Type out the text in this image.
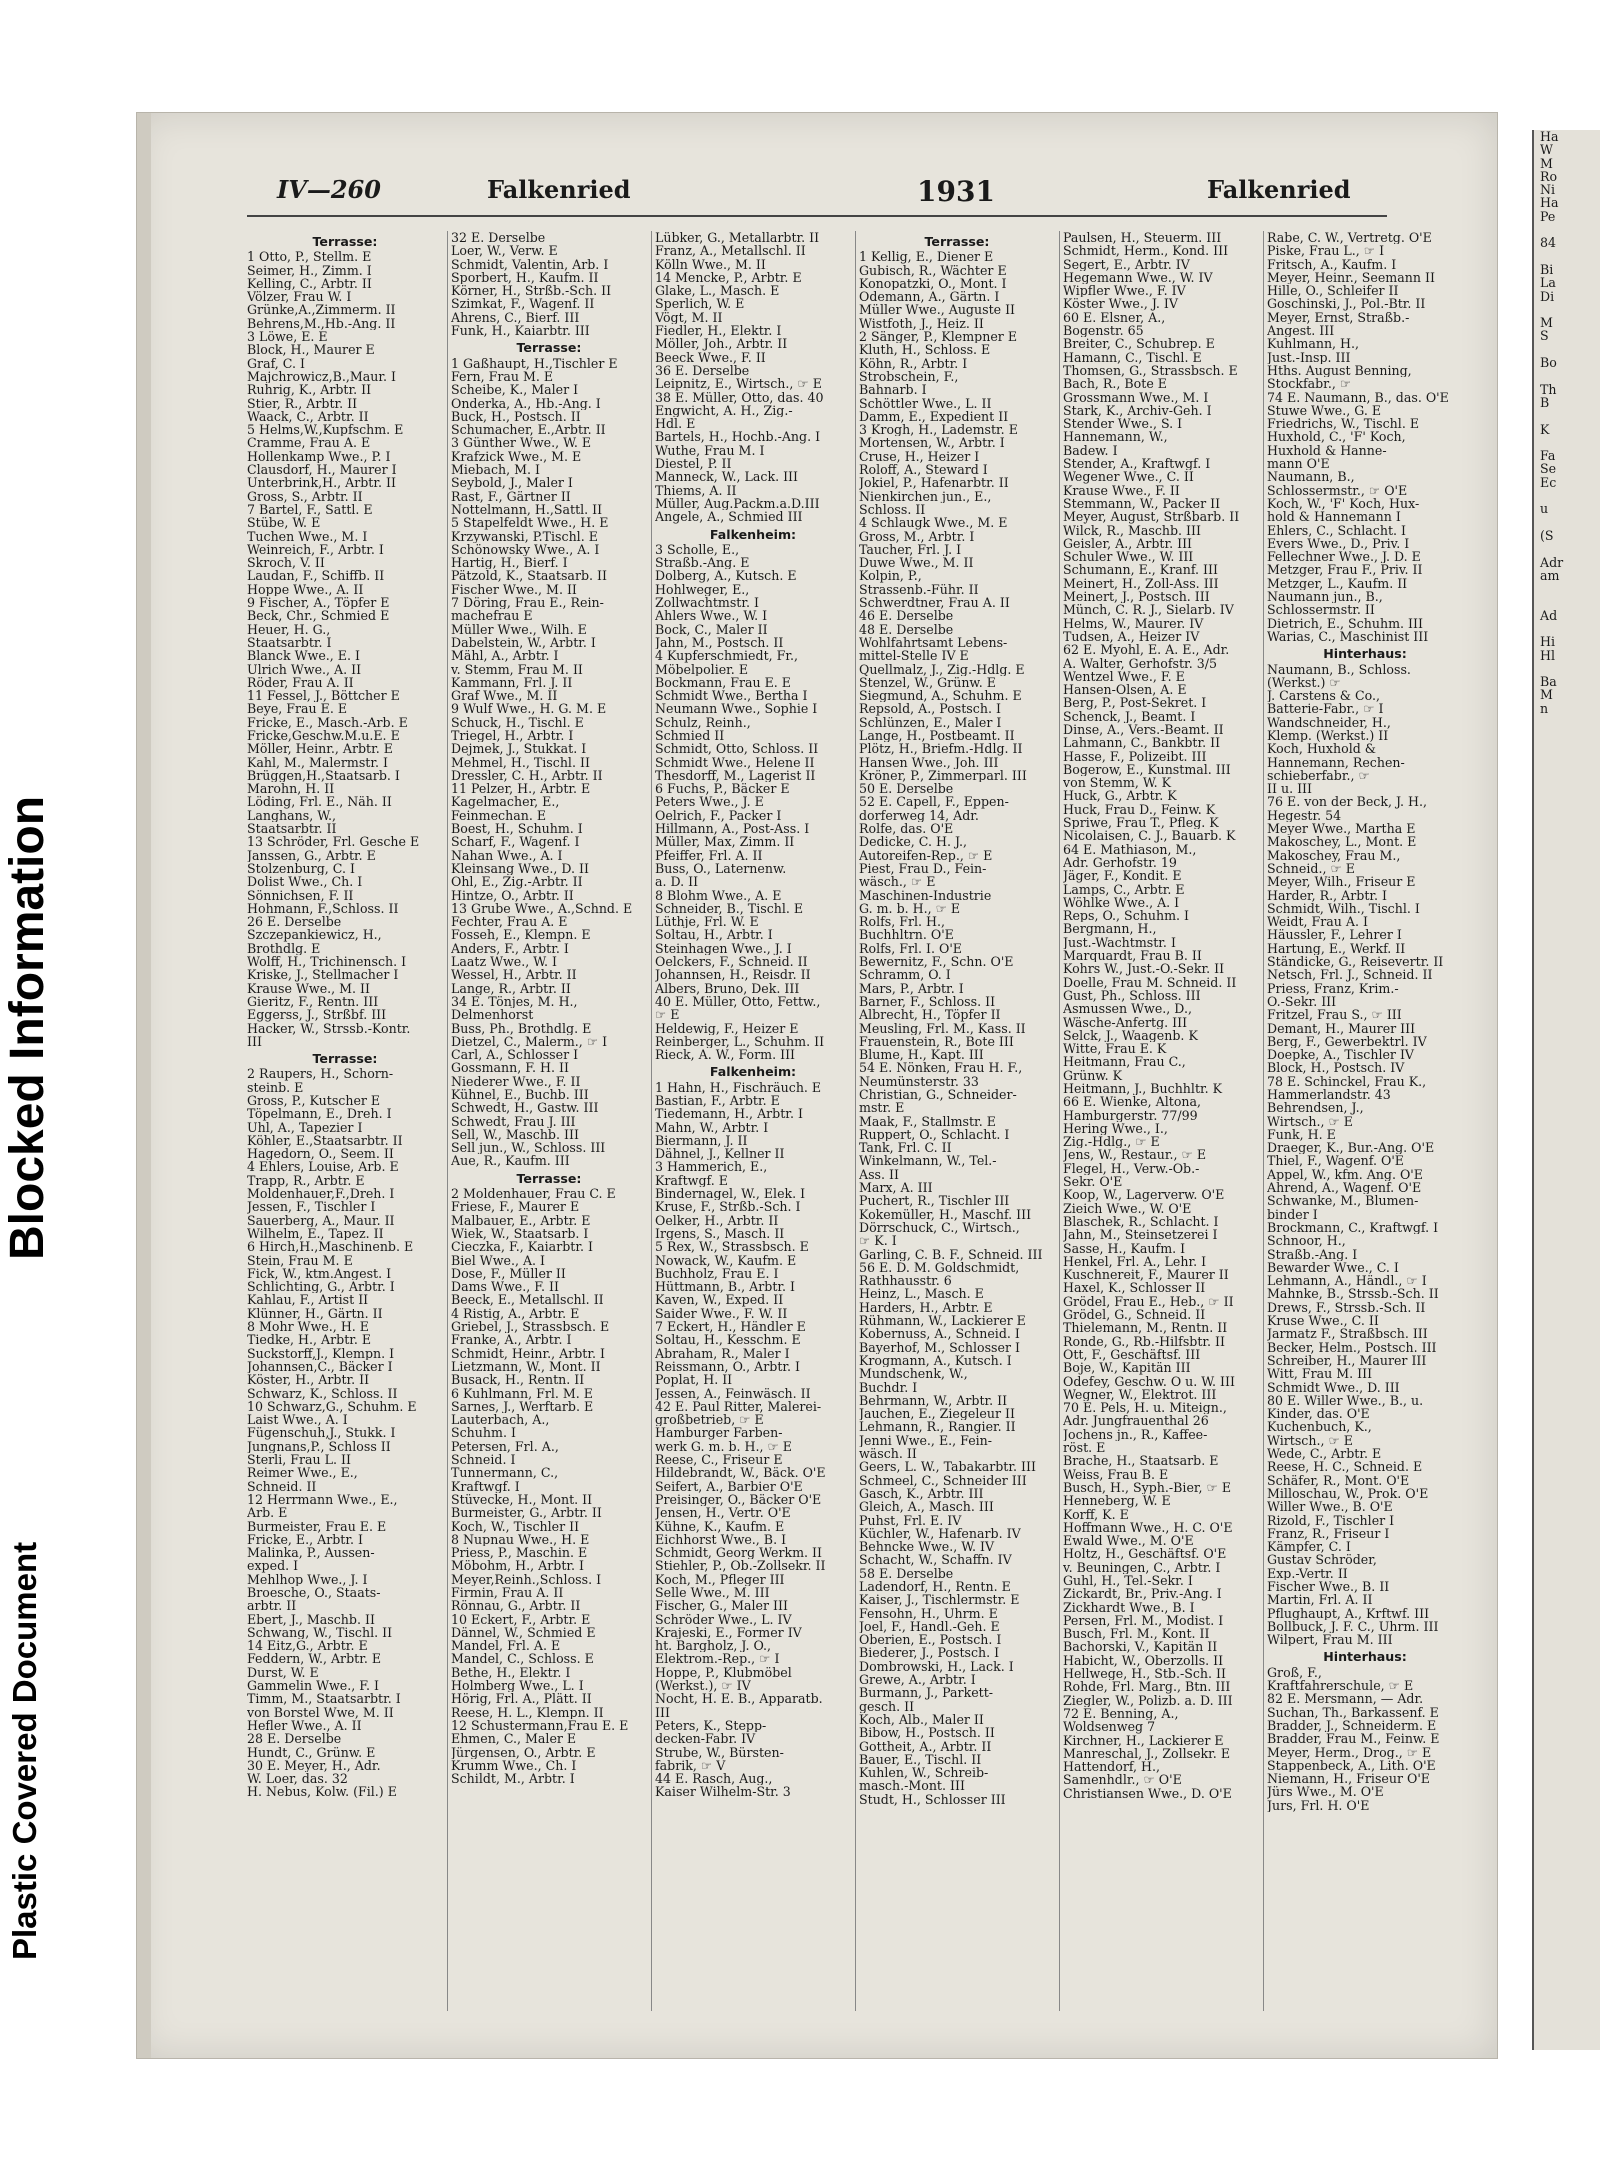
Blocked Information
Plastic Covered Document
IV—260	Falkenried	1931	Falkenried
Terrasse:
1 Otto, P., Stellm. E
Seimer, H., Zimm. I
Kelling, C., Arbtr. II
Völzer, Frau W. I
Grünke,A.,Zimmerm. II
Behrens,M.,Hb.-Ang. II
3 Löwe, E. E
Block, H., Maurer E
Graf, C. I
Majchrowicz,B.,Maur. I
Ruhrig, K., Arbtr. II
Stier, R., Arbtr. II
Waack, C., Arbtr. II
5 Helms,W.,Kupfschm. E
Cramme, Frau A. E
Hollenkamp Wwe., P. I
Clausdorf, H., Maurer I
Unterbrink,H., Arbtr. II
Gross, S., Arbtr. II
7 Bartel, F., Sattl. E
Stübe, W. E
Tuchen Wwe., M. I
Weinreich, F., Arbtr. I
Skroch, V. II
Laudan, F., Schiffb. II
Hoppe Wwe., A. II
9 Fischer, A., Töpfer E
Beck, Chr., Schmied E
Heuer, H. G.,
Staatsarbtr. I
Blanck Wwe., E. I
Ulrich Wwe., A. II
Röder, Frau A. II
11 Fessel, J., Böttcher E
Beye, Frau E. E
Fricke, E., Masch.-Arb. E
Fricke,Geschw.M.u.E. E
Möller, Heinr., Arbtr. E
Kahl, M., Malermstr. I
Brüggen,H.,Staatsarb. I
Marohn, H. II
Löding, Frl. E., Näh. II
Langhans, W.,
Staatsarbtr. II
13 Schröder, Frl. Gesche E
Janssen, G., Arbtr. E
Stolzenburg, C. I
Dolist Wwe., Ch. I
Sönnichsen, F. II
Hohmann, F.,Schloss. II
26 E. Derselbe
Szczepankiewicz, H.,
Brothdlg. E
Wolff, H., Trichinensch. I
Kriske, J., Stellmacher I
Krause Wwe., M. II
Gieritz, F., Rentn. III
Eggerss, J., Strßbf. III
Hacker, W., Strssb.-Kontr.
III
Terrasse:
2 Raupers, H., Schorn-
steinb. E
Gross, P., Kutscher E
Töpelmann, E., Dreh. I
Uhl, A., Tapezier I
Köhler, E.,Staatsarbtr. II
Hagedorn, O., Seem. II
4 Ehlers, Louise, Arb. E
Trapp, R., Arbtr. E
Moldenhauer,F.,Dreh. I
Jessen, F., Tischler I
Sauerberg, A., Maur. II
Wilhelm, E., Tapez. II
6 Hirch,H.,Maschinenb. E
Stein, Frau M. E
Fick, W., ktm.Angest. I
Schlichting, G., Arbtr. I
Kahlau, F., Artist II
Klünner, H., Gärtn. II
8 Mohr Wwe., H. E
Tiedke, H., Arbtr. E
Suckstorff,J., Klempn. I
Johannsen,C., Bäcker I
Köster, H., Arbtr. II
Schwarz, K., Schloss. II
10 Schwarz,G., Schuhm. E
Laist Wwe., A. I
Fügenschuh,J., Stukk. I
Jungnans,P., Schloss II
Sterli, Frau L. II
Reimer Wwe., E.,
Schneid. II
12 Herrmann Wwe., E.,
Arb. E
Burmeister, Frau E. E
Fricke, E., Arbtr. I
Malinka, P., Aussen-
exped. I
Mehlhop Wwe., J. I
Broesche, O., Staats-
arbtr. II
Ebert, J., Maschb. II
Schwang, W., Tischl. II
14 Eitz,G., Arbtr. E
Feddern, W., Arbtr. E
Durst, W. E
Gammelin Wwe., F. I
Timm, M., Staatsarbtr. I
von Borstel Wwe, M. II
Hefler Wwe., A. II
28 E. Derselbe
Hundt, C., Grünw. E
30 E. Meyer, H., Adr.
W. Loer, das. 32
H. Nebus, Kolw. (Fil.) E
32 E. Derselbe
Loer, W., Verw. E
Schmidt, Valentin, Arb. I
Sporbert, H., Kaufm. II
Körner, H., Strßb.-Sch. II
Szimkat, F., Wagenf. II
Ahrens, C., Bierf. III
Funk, H., Kaiarbtr. III
Terrasse:
1 Gaßhaupt, H.,Tischler E
Fern, Frau M. E
Scheibe, K., Maler I
Onderka, A., Hb.-Ang. I
Buck, H., Postsch. II
Schumacher, E.,Arbtr. II
3 Günther Wwe., W. E
Krafzick Wwe., M. E
Miebach, M. I
Seybold, J., Maler I
Rast, F., Gärtner II
Nottelmann, H.,Sattl. II
5 Stapelfeldt Wwe., H. E
Krzywanski, P.Tischl. E
Schönowsky Wwe., A. I
Hartig, H., Bierf. I
Pätzold, K., Staatsarb. II
Fischer Wwe., M. II
7 Döring, Frau E., Rein-
machefrau E
Müller Wwe., Wilh. E
Dabelstein, W., Arbtr. I
Mähl, A., Arbtr. I
v. Stemm, Frau M. II
Kammann, Frl. J. II
Graf Wwe., M. II
9 Wulf Wwe., H. G. M. E
Schuck, H., Tischl. E
Triegel, H., Arbtr. I
Dejmek, J., Stukkat. I
Mehmel, H., Tischl. II
Dressler, C. H., Arbtr. II
11 Pelzer, H., Arbtr. E
Kagelmacher, E.,
Feinmechan. E
Boest, H., Schuhm. I
Scharf, F., Wagenf. I
Nahan Wwe., A. I
Kleinsang Wwe., D. II
Ohl, E., Zig.-Arbtr. II
Hintze, O., Arbtr. II
13 Grube Wwe., A.,Schnd. E
Fechter, Frau A. E
Fosseh, E., Klempn. E
Anders, F., Arbtr. I
Laatz Wwe., W. I
Wessel, H., Arbtr. II
Lange, R., Arbtr. II
34 E. Tönjes, M. H.,
Delmenhorst
Buss, Ph., Brothdlg. E
Dietzel, C., Malerm., ☞ I
Carl, A., Schlosser I
Gossmann, F. H. II
Niederer Wwe., F. II
Kühnel, E., Buchb. III
Schwedt, H., Gastw. III
Schwedt, Frau J. III
Sell, W., Maschb. III
Sell jun., W., Schloss. III
Aue, R., Kaufm. III
Terrasse:
2 Moldenhauer, Frau C. E
Friese, F., Maurer E
Malbauer, E., Arbtr. E
Wiek, W., Staatsarb. I
Cieczka, F., Kaiarbtr. I
Biel Wwe., A. I
Dose, F., Müller II
Dams Wwe., F. II
Beeck, E., Metallschl. II
4 Ristig, A., Arbtr. E
Griebel, J., Strassbsch. E
Franke, A., Arbtr. I
Schmidt, Heinr., Arbtr. I
Lietzmann, W., Mont. II
Busack, H., Rentn. II
6 Kuhlmann, Frl. M. E
Sarnes, J., Werftarb. E
Lauterbach, A.,
Schuhm. I
Petersen, Frl. A.,
Schneid. I
Tunnermann, C.,
Kraftwgf. I
Stüvecke, H., Mont. II
Burmeister, G., Arbtr. II
Koch, W., Tischler II
8 Nupnau Wwe., H. E
Priess, P., Maschin. E
Möbohm, H., Arbtr. I
Meyer,Reinh.,Schloss. I
Firmin, Frau A. II
Rönnau, G., Arbtr. II
10 Eckert, F., Arbtr. E
Dännel, W., Schmied E
Mandel, Frl. A. E
Mandel, C., Schloss. E
Bethe, H., Elektr. I
Holmberg Wwe., L. I
Hörig, Frl. A., Plätt. II
Reese, H. L., Klempn. II
12 Schustermann,Frau E. E
Ehmen, C., Maler E
Jürgensen, O., Arbtr. E
Krumm Wwe., Ch. I
Schildt, M., Arbtr. I
Lübker, G., Metallarbtr. II
Franz, A., Metallschl. II
Kölln Wwe., M. II
14 Mencke, P., Arbtr. E
Glake, L., Masch. E
Sperlich, W. E
Vögt, M. II
Fiedler, H., Elektr. I
Möller, Joh., Arbtr. II
Beeck Wwe., F. II
36 E. Derselbe
Leipnitz, E., Wirtsch., ☞ E
38 E. Müller, Otto, das. 40
Engwicht, A. H., Zig.-
Hdl. E
Bartels, H., Hochb.-Ang. I
Wuthe, Frau M. I
Diestel, P. II
Manneck, W., Lack. III
Thiems, A. II
Müller, Aug.Packm.a.D.III
Angele, A., Schmied III
Falkenheim:
3 Scholle, E.,
Straßb.-Ang. E
Dolberg, A., Kutsch. E
Hohlweger, E.,
Zollwachtmstr. I
Ahlers Wwe., W. I
Bock, C., Maler II
Jahn, M., Postsch. II
4 Kupferschmiedt, Fr.,
Möbelpolier. E
Bockmann, Frau E. E
Schmidt Wwe., Bertha I
Neumann Wwe., Sophie I
Schulz, Reinh.,
Schmied II
Schmidt, Otto, Schloss. II
Schmidt Wwe., Helene II
Thesdorff, M., Lagerist II
6 Fuchs, P., Bäcker E
Peters Wwe., J. E
Oelrich, F., Packer I
Hillmann, A., Post-Ass. I
Müller, Max, Zimm. II
Pfeiffer, Frl. A. II
Buss, O., Laternenw.
a. D. II
8 Blohm Wwe., A. E
Schneider, B., Tischl. E
Lüthje, Frl. W. E
Soltau, H., Arbtr. I
Steinhagen Wwe., J. I
Oelckers, F., Schneid. II
Johannsen, H., Reisdr. II
Albers, Bruno, Dek. III
40 E. Müller, Otto, Fettw.,
☞ E
Heldewig, F., Heizer E
Reinberger, L., Schuhm. II
Rieck, A. W., Form. III
Falkenheim:
1 Hahn, H., Fischräuch. E
Bastian, F., Arbtr. E
Tiedemann, H., Arbtr. I
Mahn, W., Arbtr. I
Biermann, J. II
Dähnel, J., Kellner II
3 Hammerich, E.,
Kraftwgf. E
Bindernagel, W., Elek. I
Kruse, F., Strßb.-Sch. I
Oelker, H., Arbtr. II
Irgens, S., Masch. II
5 Rex, W., Strassbsch. E
Nowack, W., Kaufm. E
Buchholz, Frau E. I
Hüttmann, B., Arbtr. I
Kaven, W., Exped. II
Saider Wwe., F. W. II
7 Eckert, H., Händler E
Soltau, H., Kesschm. E
Abraham, R., Maler I
Reissmann, O., Arbtr. I
Poplat, H. II
Jessen, A., Feinwäsch. II
42 E. Paul Ritter, Malerei-
großbetrieb, ☞ E
Hamburger Farben-
werk G. m. b. H., ☞ E
Reese, C., Friseur E
Hildebrandt, W., Bäck. O'E
Seifert, A., Barbier O'E
Preisinger, O., Bäcker O'E
Jensen, H., Vertr. O'E
Kühne, K., Kaufm. E
Eichhorst Wwe., B. I
Schmidt, Georg Werkm. II
Stiehler, P., Ob.-Zollsekr. II
Koch, M., Pfleger III
Selle Wwe., M. III
Fischer, G., Maler III
Schröder Wwe., L. IV
Krajeski, E., Former IV
ht. Bargholz, J. O.,
Elektrom.-Rep., ☞ I
Hoppe, P., Klubmöbel
(Werkst.), ☞ IV
Nocht, H. E. B., Apparatb.
III
Peters, K., Stepp-
decken-Fabr. IV
Strube, W., Bürsten-
fabrik, ☞ V
44 E. Rasch, Aug.,
Kaiser Wilhelm-Str. 3
Terrasse:
1 Kellig, E., Diener E
Gubisch, R., Wächter E
Konopatzki, O., Mont. I
Odemann, A., Gärtn. I
Müller Wwe., Auguste II
Wistfoth, J., Heiz. II
2 Sänger, P., Klempner E
Kluth, H., Schloss. E
Köhn, R., Arbtr. I
Strobschein, F.,
Bahnarb. I
Schöttler Wwe., L. II
Damm, E., Expedient II
3 Krogh, H., Lademstr. E
Mortensen, W., Arbtr. I
Cruse, H., Heizer I
Roloff, A., Steward I
Jokiel, P., Hafenarbtr. II
Nienkirchen jun., E.,
Schloss. II
4 Schlaugk Wwe., M. E
Gross, M., Arbtr. I
Taucher, Frl. J. I
Duwe Wwe., M. II
Kolpin, P.,
Strassenb.-Führ. II
Schwerdtner, Frau A. II
46 E. Derselbe
48 E. Derselbe
Wohlfahrtsamt Lebens-
mittel-Stelle IV E
Quellmalz, J., Zig.-Hdlg. E
Stenzel, W., Grünw. E
Siegmund, A., Schuhm. E
Repsold, A., Postsch. I
Schlünzen, E., Maler I
Lange, H., Postbeamt. II
Plötz, H., Briefm.-Hdlg. II
Hansen Wwe., Joh. III
Kröner, P., Zimmerparl. III
50 E. Derselbe
52 E. Capell, F., Eppen-
dorferweg 14, Adr.
Rolfe, das. O'E
Dedicke, C. H. J.,
Autoreifen-Rep., ☞ E
Piest, Frau D., Fein-
wäsch., ☞ E
Maschinen-Industrie
G. m. b. H., ☞ E
Rolfs, Frl. H.,
Buchhltrn. O'E
Rolfs, Frl. I. O'E
Bewernitz, F., Schn. O'E
Schramm, O. I
Mars, P., Arbtr. I
Barner, F., Schloss. II
Albrecht, H., Töpfer II
Meusling, Frl. M., Kass. II
Frauenstein, R., Bote III
Blume, H., Kapt. III
54 E. Nönken, Frau H. F.,
Neumünsterstr. 33
Christian, G., Schneider-
mstr. E
Maak, F., Stallmstr. E
Ruppert, O., Schlacht. I
Tank, Frl. C. II
Winkelmann, W., Tel.-
Ass. II
Marx, A. III
Puchert, R., Tischler III
Kokemüller, H., Maschf. III
Dörrschuck, C., Wirtsch.,
☞ K. I
Garling, C. B. F., Schneid. III
56 E. D. M. Goldschmidt,
Rathhausstr. 6
Heinz, L., Masch. E
Harders, H., Arbtr. E
Rühmann, W., Lackierer E
Kobernuss, A., Schneid. I
Bayerhof, M., Schlosser I
Krogmann, A., Kutsch. I
Mundschenk, W.,
Buchdr. I
Behrmann, W., Arbtr. II
Jauchen, E., Ziegeleur II
Lehmann, R., Rangier. II
Jenni Wwe., E., Fein-
wäsch. II
Geers, L. W., Tabakarbtr. III
Schmeel, C., Schneider III
Gasch, K., Arbtr. III
Gleich, A., Masch. III
Puhst, Frl. E. IV
Küchler, W., Hafenarb. IV
Behncke Wwe., W. IV
Schacht, W., Schaffn. IV
58 E. Derselbe
Ladendorf, H., Rentn. E
Kaiser, J., Tischlermstr. E
Fensohn, H., Uhrm. E
Joel, F., Handl.-Geh. E
Oberien, E., Postsch. I
Biederer, J., Postsch. I
Dombrowski, H., Lack. I
Grewe, A., Arbtr. I
Burmann, J., Parkett-
gesch. II
Koch, Alb., Maler II
Bibow, H., Postsch. II
Gottheit, A., Arbtr. II
Bauer, E., Tischl. II
Kuhlen, W., Schreib-
masch.-Mont. III
Studt, H., Schlosser III
Paulsen, H., Steuerm. III
Schmidt, Herm., Kond. III
Segert, E., Arbtr. IV
Hegemann Wwe., W. IV
Wipfler Wwe., F. IV
Köster Wwe., J. IV
60 E. Elsner, A.,
Bogenstr. 65
Breiter, C., Schubrep. E
Hamann, C., Tischl. E
Thomsen, G., Strassbsch. E
Bach, R., Bote E
Grossmann Wwe., M. I
Stark, K., Archiv-Geh. I
Stender Wwe., S. I
Hannemann, W.,
Badew. I
Stender, A., Kraftwgf. I
Wegener Wwe., C. II
Krause Wwe., F. II
Stemmann, W., Packer II
Meyer, August, Strßbarb. II
Wilck, R., Maschb. III
Geisler, A., Arbtr. III
Schuler Wwe., W. III
Schumann, E., Kranf. III
Meinert, H., Zoll-Ass. III
Meinert, J., Postsch. III
Münch, C. R. J., Sielarb. IV
Helms, W., Maurer. IV
Tudsen, A., Heizer IV
62 E. Myohl, E. A. E., Adr.
A. Walter, Gerhofstr. 3/5
Wentzel Wwe., F. E
Hansen-Olsen, A. E
Berg, P., Post-Sekret. I
Schenck, J., Beamt. I
Dinse, A., Vers.-Beamt. II
Lahmann, C., Bankbtr. II
Hasse, F., Polizeibt. III
Bogerow, E., Kunstmal. III
von Stemm, W. K
Huck, G., Arbtr. K
Huck, Frau D., Feinw. K
Spriwe, Frau T., Pfleg. K
Nicolaisen, C. J., Bauarb. K
64 E. Mathiason, M.,
Adr. Gerhofstr. 19
Jäger, F., Kondit. E
Lamps, C., Arbtr. E
Wöhlke Wwe., A. I
Reps, O., Schuhm. I
Bergmann, H.,
Just.-Wachtmstr. I
Marquardt, Frau B. II
Kohrs W., Just.-O.-Sekr. II
Doelle, Frau M. Schneid. II
Gust, Ph., Schloss. III
Asmussen Wwe., D.,
Wäsche-Anfertg. III
Selck, J., Waagenb. K
Witte, Frau E. K
Heitmann, Frau C.,
Grünw. K
Heitmann, J., Buchhltr. K
66 E. Wienke, Altona,
Hamburgerstr. 77/99
Hering Wwe., I.,
Zig.-Hdlg., ☞ E
Jens, W., Restaur., ☞ E
Flegel, H., Verw.-Ob.-
Sekr. O'E
Koop, W., Lagerverw. O'E
Zieich Wwe., W. O'E
Blaschek, R., Schlacht. I
Jahn, M., Steinsetzerei I
Sasse, H., Kaufm. I
Henkel, Frl. A., Lehr. I
Kuschnereit, F., Maurer II
Haxel, K., Schlosser II
Grödel, Frau E., Heb., ☞ II
Grödel, G., Schneid. II
Thielemann, M., Rentn. II
Ronde, G., Rb.-Hilfsbtr. II
Ott, F., Geschäftsf. III
Boje, W., Kapitän III
Odefey, Geschw. O u. W. III
Wegner, W., Elektrot. III
70 E. Pels, H. u. Miteign.,
Adr. Jungfrauenthal 26
Jochens jn., R., Kaffee-
röst. E
Brache, H., Staatsarb. E
Weiss, Frau B. E
Busch, H., Syph.-Bier, ☞ E
Henneberg, W. E
Korff, K. E
Hoffmann Wwe., H. C. O'E
Ewald Wwe., M. O'E
Holtz, H., Geschäftsf. O'E
v. Beuningen, C., Arbtr. I
Guhl, H., Tel.-Sekr. I
Zickardt, Br., Priv.-Ang. I
Zickhardt Wwe., B. I
Persen, Frl. M., Modist. I
Busch, Frl. M., Kont. II
Bachorski, V., Kapitän II
Habicht, W., Oberzolls. II
Hellwege, H., Stb.-Sch. II
Rohde, Frl. Marg., Btn. III
Ziegler, W., Polizb. a. D. III
72 E. Benning, A.,
Woldsenweg 7
Kirchner, H., Lackierer E
Manreschal, J., Zollsekr. E
Hattendorf, H.,
Samenhdlr., ☞ O'E
Christiansen Wwe., D. O'E
Rabe, C. W., Vertretg. O'E
Piske, Frau L., ☞ I
Fritsch, A., Kaufm. I
Meyer, Heinr., Seemann II
Hille, O., Schleifer II
Goschinski, J., Pol.-Btr. II
Meyer, Ernst, Straßb.-
Angest. III
Kuhlmann, H.,
Just.-Insp. III
Hths. August Benning,
Stockfabr., ☞
74 E. Naumann, B., das. O'E
Stuwe Wwe., G. E
Friedrichs, W., Tischl. E
Huxhold, C., 'F' Koch,
Huxhold & Hanne-
mann O'E
Naumann, B.,
Schlossermstr., ☞ O'E
Koch, W., 'F' Koch, Hux-
hold & Hannemann I
Ehlers, C., Schlacht. I
Evers Wwe., D., Priv. I
Fellechner Wwe., J. D. E
Metzger, Frau F., Priv. II
Metzger, L., Kaufm. II
Naumann jun., B.,
Schlossermstr. II
Dietrich, E., Schuhm. III
Warias, C., Maschinist III
Hinterhaus:
Naumann, B., Schloss.
(Werkst.) ☞
J. Carstens & Co.,
Batterie-Fabr., ☞ I
Wandschneider, H.,
Klemp. (Werkst.) II
Koch, Huxhold &
Hannemann, Rechen-
schieberfabr., ☞
II u. III
76 E. von der Beck, J. H.,
Hegestr. 54
Meyer Wwe., Martha E
Makoschey, L., Mont. E
Makoschey, Frau M.,
Schneid., ☞ E
Meyer, Wilh., Friseur E
Harder, R., Arbtr. I
Schmidt, Wilh., Tischl. I
Weidt, Frau A. I
Häussler, F., Lehrer I
Hartung, E., Werkf. II
Ständicke, G., Reisevertr. II
Netsch, Frl. J., Schneid. II
Priess, Franz, Krim.-
O.-Sekr. III
Fritzel, Frau S., ☞ III
Demant, H., Maurer III
Berg, F., Gewerbektrl. IV
Doepke, A., Tischler IV
Block, H., Postsch. IV
78 E. Schinckel, Frau K.,
Hammerlandstr. 43
Behrendsen, J.,
Wirtsch., ☞ E
Funk, H. E
Draeger, K., Bur.-Ang. O'E
Thiel, F., Wagenf. O'E
Appel, W., kfm. Ang. O'E
Ahrend, A., Wagenf. O'E
Schwanke, M., Blumen-
binder I
Brockmann, C., Kraftwgf. I
Schnoor, H.,
Straßb.-Ang. I
Bewarder Wwe., C. I
Lehmann, A., Händl., ☞ I
Mahnke, B., Strssb.-Sch. II
Drews, F., Strssb.-Sch. II
Kruse Wwe., C. II
Jarmatz F., Straßbsch. III
Becker, Helm., Postsch. III
Schreiber, H., Maurer III
Witt, Frau M. III
Schmidt Wwe., D. III
80 E. Willer Wwe., B., u.
Kinder, das. O'E
Kuchenbuch, K.,
Wirtsch., ☞ E
Wede, C., Arbtr. E
Reese, H. C., Schneid. E
Schäfer, R., Mont. O'E
Milloschau, W., Prok. O'E
Willer Wwe., B. O'E
Rizold, F., Tischler I
Franz, R., Friseur I
Kämpfer, C. I
Gustav Schröder,
Exp.-Vertr. II
Fischer Wwe., B. II
Martin, Frl. A. II
Pflughaupt, A., Krftwf. III
Bollbuck, J. F. C., Uhrm. III
Wilpert, Frau M. III
Hinterhaus:
Groß, F.,
Kraftfahrerschule, ☞ E
82 E. Mersmann, — Adr.
Suchan, Th., Barkassenf. E
Bradder, J., Schneiderm. E
Bradder, Frau M., Feinw. E
Meyer, Herm., Drog., ☞ E
Stappenbeck, A., Lith. O'E
Niemann, H., Friseur O'E
Jürs Wwe., M. O'E
Jurs, Frl. H. O'E
Ha
W
M
Ro
Ni
Ha
Pe

84

Bi
La
Di

M
S

Bo

Th
B

K

Fa
Se
Ec

u

(S

Adr
am

Ad

Hi
Hl

Ba
M
n
